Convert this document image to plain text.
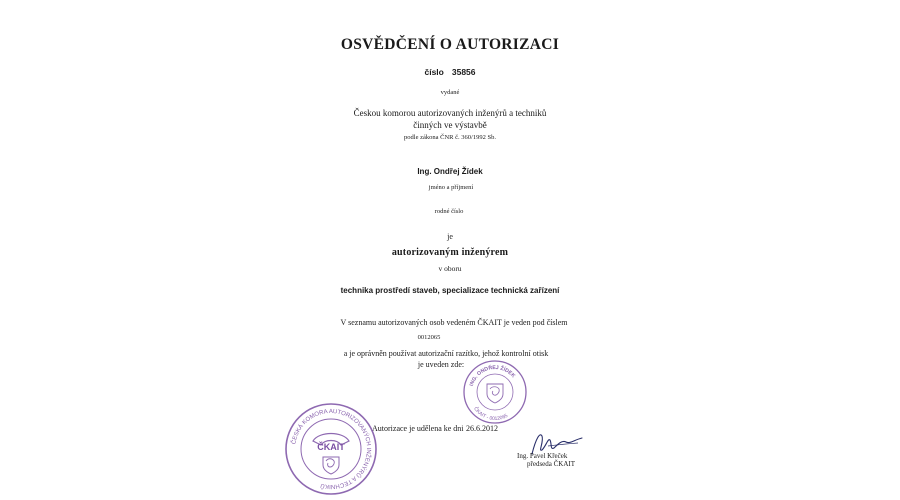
OSVĚDČENÍ O AUTORIZACI
číslo 35856
vydané
Českou komorou autorizovaných inženýrů a techniků
činných ve výstavbě
podle zákona ČNR č. 360/1992 Sb.
Ing. Ondřej Žídek
jméno a příjmení
rodné číslo
je
autorizovaným inženýrem
v oboru
technika prostředí staveb, specializace technická zařízení
V seznamu autorizovaných osob vedeném ČKAIT je veden pod číslem
0012065
a je oprávněn používat autorizační razítko, jehož kontrolní otisk
je uveden zde:
Autorizace je udělena ke dni 26.6.2012
Ing. Pavel Křeček
předseda ČKAIT
ČESKÁ KOMORA AUTORIZOVANÝCH INŽENÝRŮ A TECHNIKŮ
ČKAIT
ING. ONDŘEJ ŽÍDEK
ČKAIT - 0012065
